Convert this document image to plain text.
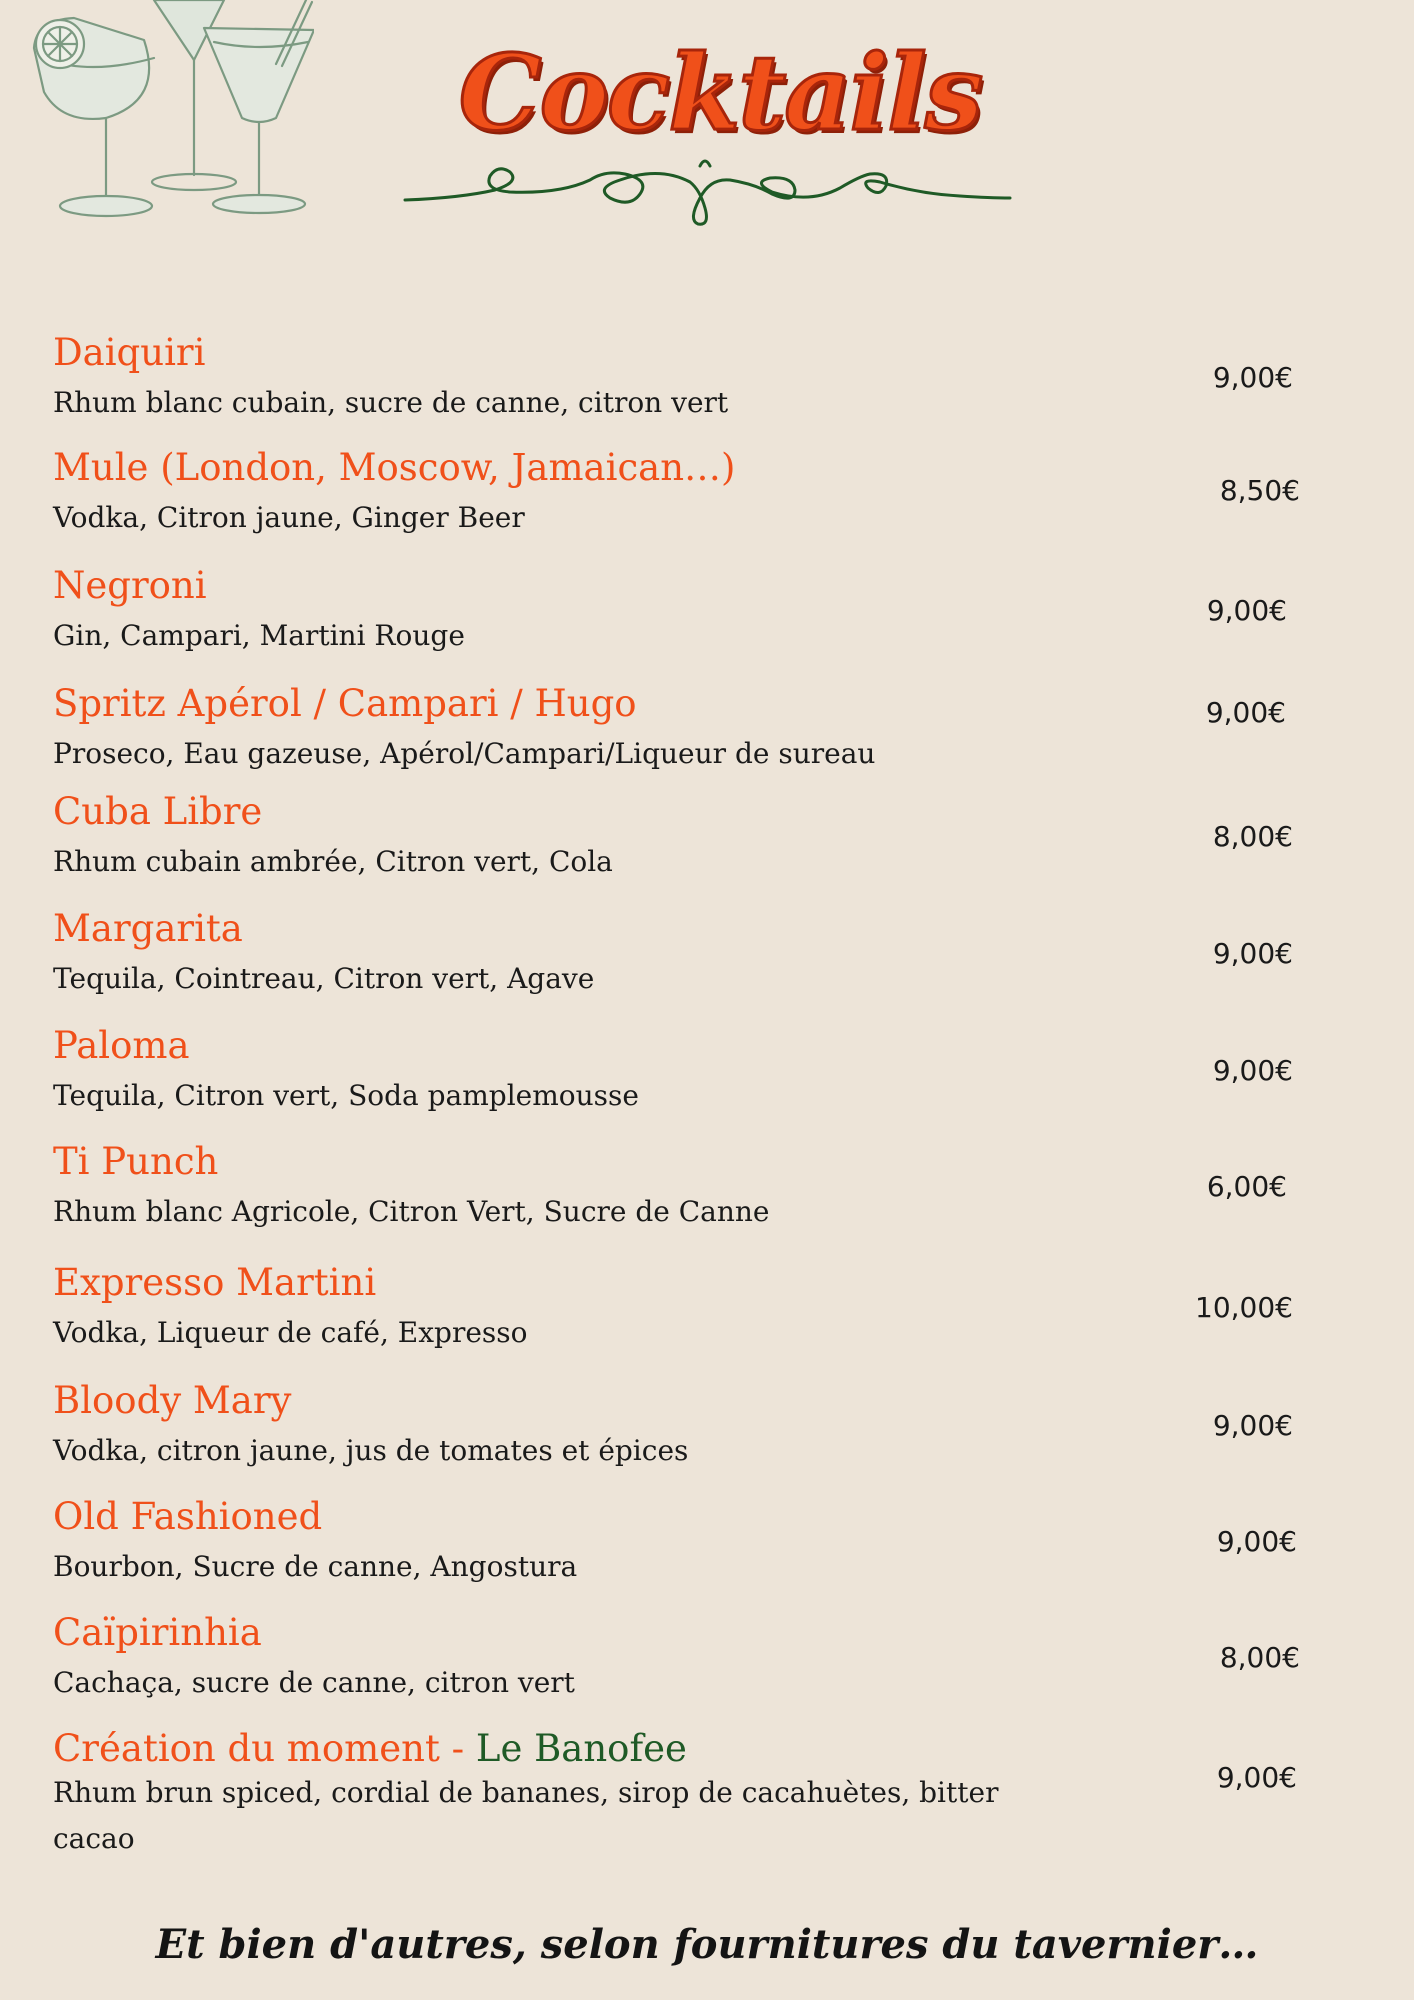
Cocktails
Daiquiri
Rhum blanc cubain, sucre de canne, citron vert
9,00€
Mule (London, Moscow, Jamaican…)
Vodka, Citron jaune, Ginger Beer
8,50€
Negroni
Gin, Campari, Martini Rouge
9,00€
Spritz Apérol / Campari / Hugo
Proseco, Eau gazeuse, Apérol/Campari/Liqueur de sureau
9,00€
Cuba Libre
Rhum cubain ambrée, Citron vert, Cola
8,00€
Margarita
Tequila, Cointreau, Citron vert, Agave
9,00€
Paloma
Tequila, Citron vert, Soda pamplemousse
9,00€
Ti Punch
Rhum blanc Agricole, Citron Vert, Sucre de Canne
6,00€
Expresso Martini
Vodka, Liqueur de café, Expresso
10,00€
Bloody Mary
Vodka, citron jaune, jus de tomates et épices
9,00€
Old Fashioned
Bourbon, Sucre de canne, Angostura
9,00€
Caïpirinhia
Cachaça, sucre de canne, citron vert
8,00€
Création du moment - Le Banofee
Rhum brun spiced, cordial de bananes, sirop de cacahuètes, bitter cacao
9,00€

Et bien d'autres, selon fournitures du tavernier…
